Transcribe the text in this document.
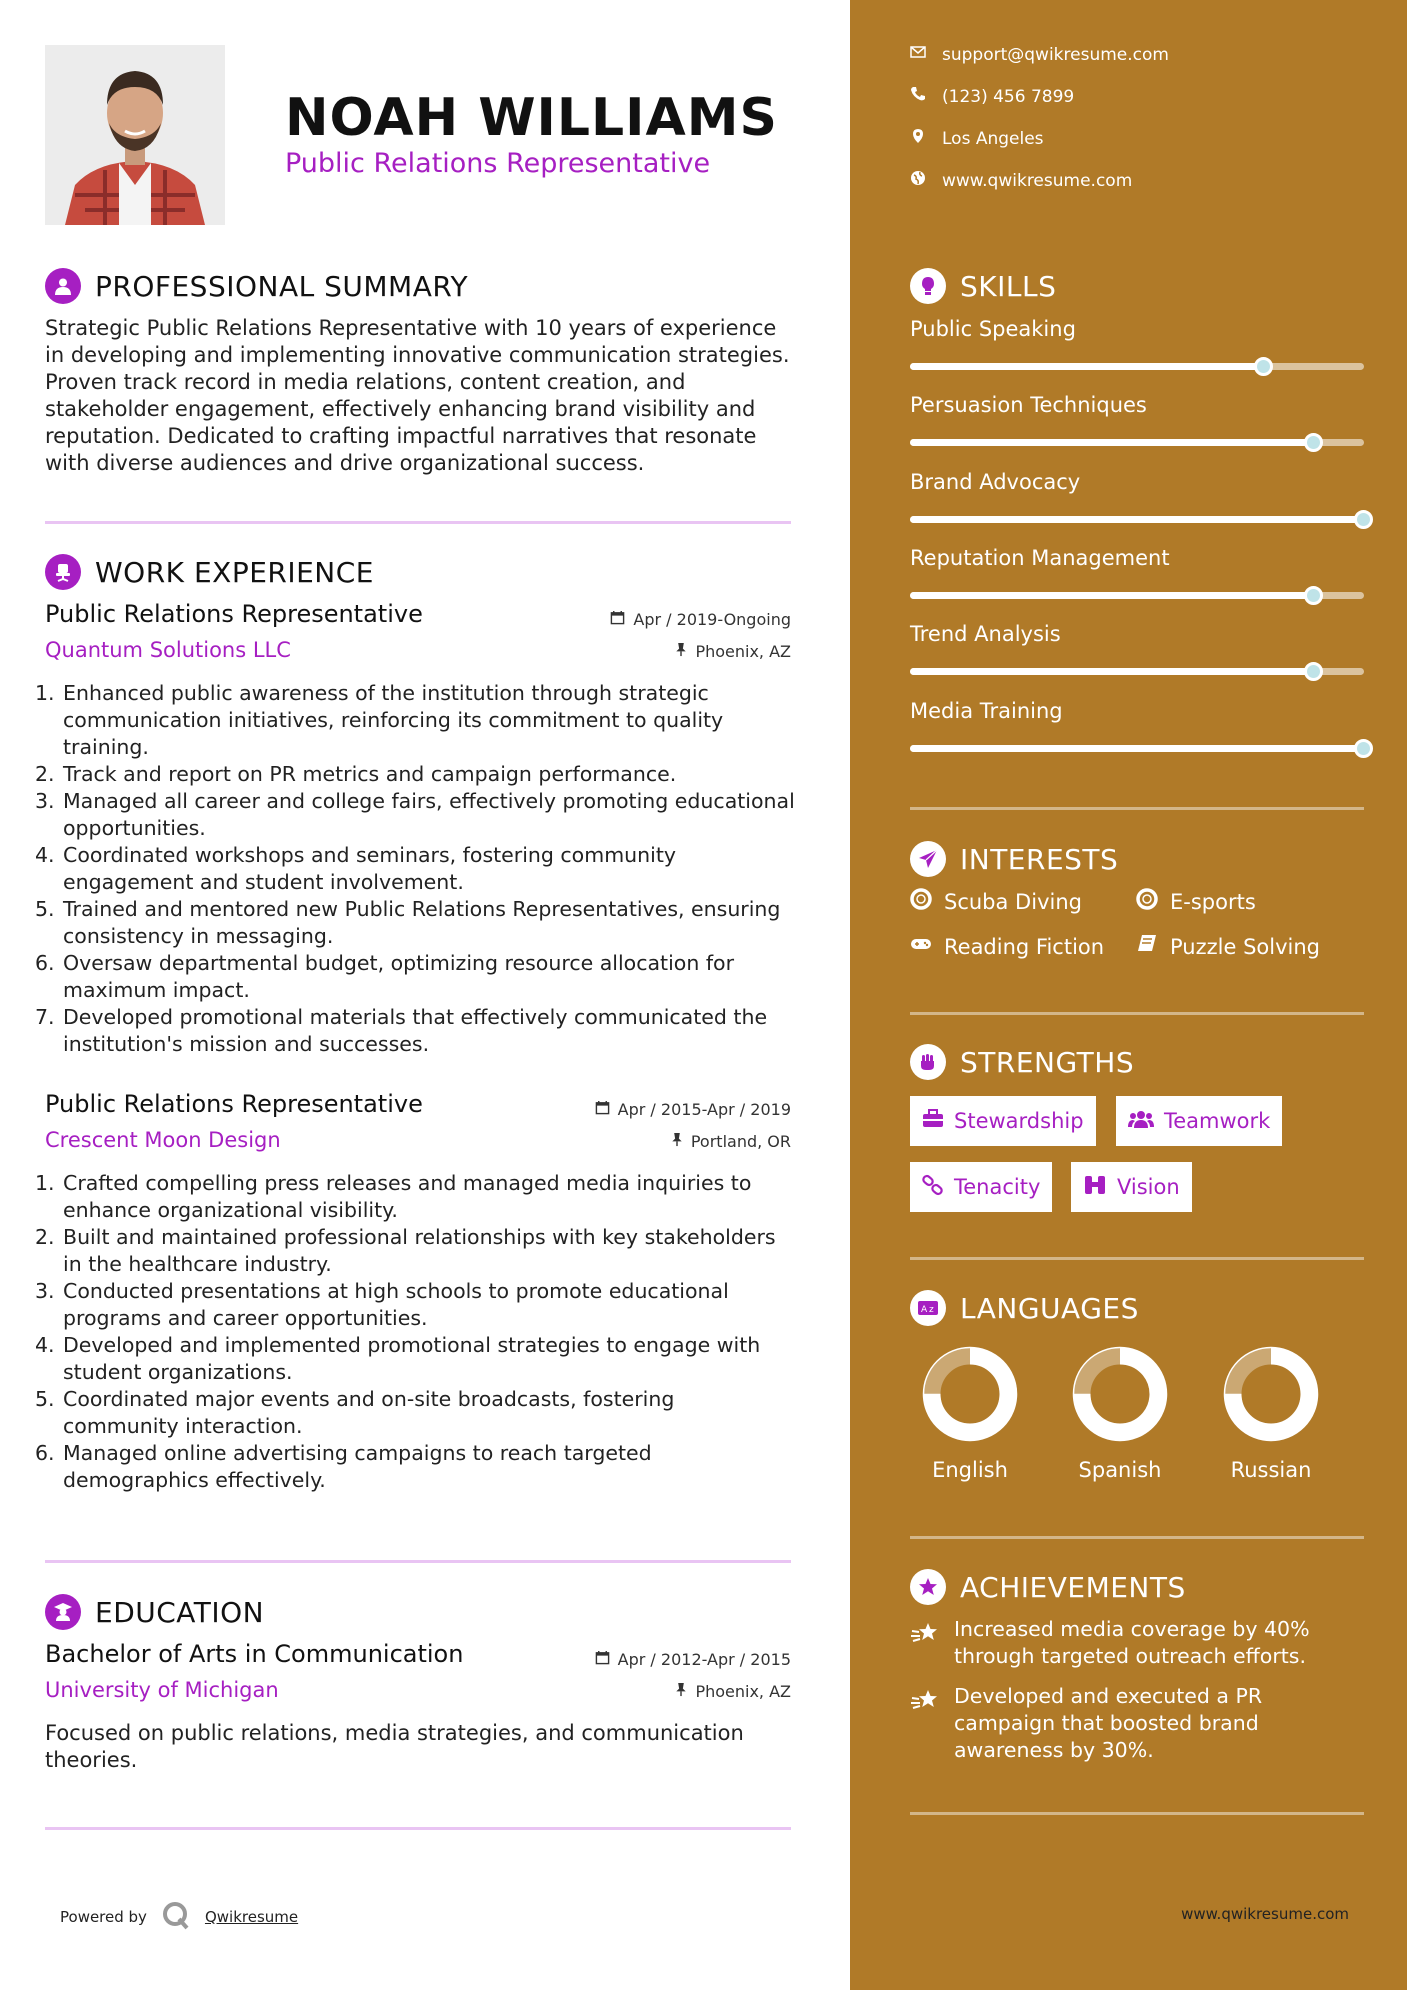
NOAH WILLIAMS
Public Relations Representative
PROFESSIONAL SUMMARY
Strategic Public Relations Representative with 10 years of experience in developing and implementing innovative communication strategies. Proven track record in media relations, content creation, and stakeholder engagement, effectively enhancing brand visibility and reputation. Dedicated to crafting impactful narratives that resonate with diverse audiences and drive organizational success.
WORK EXPERIENCE
Public Relations Representative
Quantum Solutions LLC
Apr / 2019-Ongoing
Phoenix, AZ
1. Enhanced public awareness of the institution through strategic communication initiatives, reinforcing its commitment to quality training.
2. Track and report on PR metrics and campaign performance.
3. Managed all career and college fairs, effectively promoting educational opportunities.
4. Coordinated workshops and seminars, fostering community engagement and student involvement.
5. Trained and mentored new Public Relations Representatives, ensuring consistency in messaging.
6. Oversaw departmental budget, optimizing resource allocation for maximum impact.
7. Developed promotional materials that effectively communicated the institution's mission and successes.
Public Relations Representative
Crescent Moon Design
Apr / 2015-Apr / 2019
Portland, OR
1. Crafted compelling press releases and managed media inquiries to enhance organizational visibility.
2. Built and maintained professional relationships with key stakeholders in the healthcare industry.
3. Conducted presentations at high schools to promote educational programs and career opportunities.
4. Developed and implemented promotional strategies to engage with student organizations.
5. Coordinated major events and on-site broadcasts, fostering community interaction.
6. Managed online advertising campaigns to reach targeted demographics effectively.
EDUCATION
Bachelor of Arts in Communication
University of Michigan
Apr / 2012-Apr / 2015
Phoenix, AZ
Focused on public relations, media strategies, and communication theories.
Powered by	Qwikresume
support@qwikresume.com
(123) 456 7899
Los Angeles
www.qwikresume.com
SKILLS
Public Speaking
Persuasion Techniques
Brand Advocacy
Reputation Management
Trend Analysis
Media Training
INTERESTS
Scuba Diving	E-sports
Reading Fiction	Puzzle Solving
STRENGTHS
Stewardship	Teamwork
Tenacity	Vision
A z LANGUAGES
English	Spanish	Russian
ACHIEVEMENTS
Increased media coverage by 40% through targeted outreach efforts.
Developed and executed a PR campaign that boosted brand awareness by 30%.
www.qwikresume.com
